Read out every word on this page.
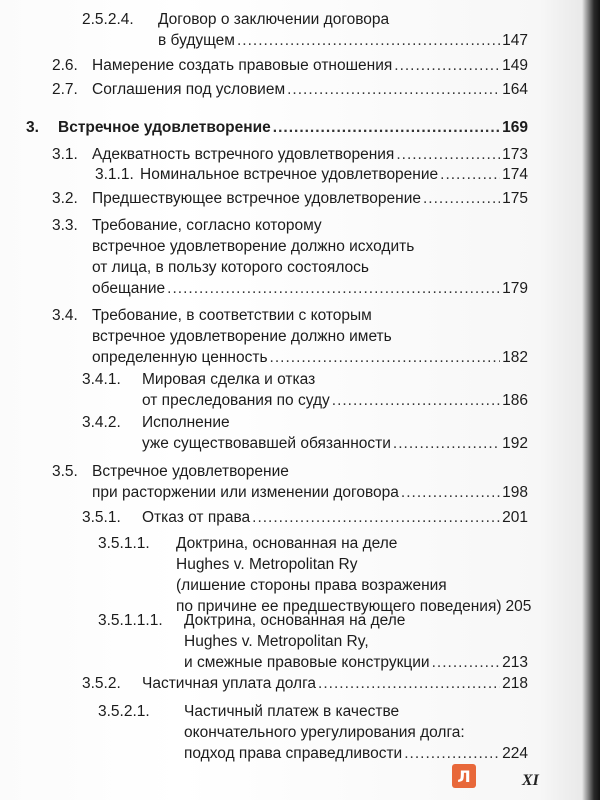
2.5.2.4. Договор о заключении договора
в будущем .....	147
2.6. Намерение создать правовые отношения .....	149
2.7. Соглашения под условием .....	164
3. Встречное удовлетворение .....	169
3.1. Адекватность встречного удовлетворения .....	173
3.1.1. Номинальное встречное удовлетворение .....	174
3.2. Предшествующее встречное удовлетворение .....	175
3.3. Требование, согласно которому
встречное удовлетворение должно исходить
от лица, в пользу которого состоялось
обещание .....	179
3.4. Требование, в соответствии с которым
встречное удовлетворение должно иметь
определенную ценность .....	182
3.4.1. Мировая сделка и отказ
от преследования по суду .....	186
3.4.2. Исполнение
уже существовавшей обязанности .....	192
3.5. Встречное удовлетворение
при расторжении или изменении договора .....	198
3.5.1. Отказ от права .....	201
3.5.1.1. Доктрина, основанная на деле
Hughes v. Metropolitan Ry
(лишение стороны права возражения
по причине ее предшествующего поведения) 205
3.5.1.1.1. Доктрина, основанная на деле
Hughes v. Metropolitan Ry,
и смежные правовые конструкции .....	213
3.5.2. Частичная уплата долга .....	218
3.5.2.1. Частичный платеж в качестве
окончательного урегулирования долга:
подход права справедливости .....	224
Л	XI
